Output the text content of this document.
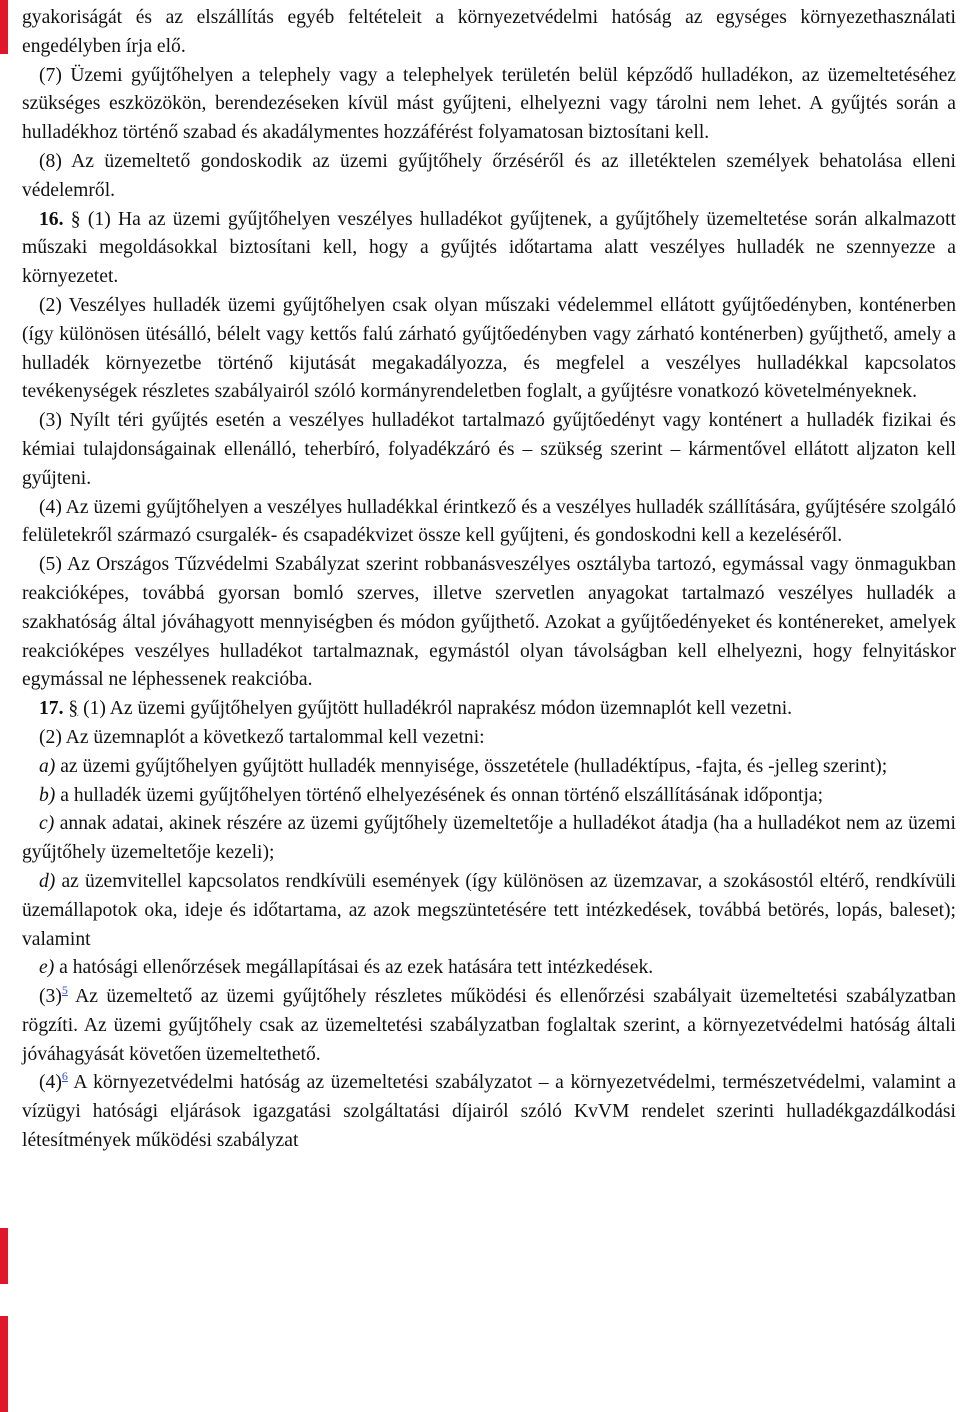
gyakoriságát és az elszállítás egyéb feltételeit a környezetvédelmi hatóság az egységes környezethasználati engedélyben írja elő.

(7) Üzemi gyűjtőhelyen a telephely vagy a telephelyek területén belül képződő hulladékon, az üzemeltetéséhez szükséges eszközökön, berendezéseken kívül mást gyűjteni, elhelyezni vagy tárolni nem lehet. A gyűjtés során a hulladékhoz történő szabad és akadálymentes hozzáférést folyamatosan biztosítani kell.

(8) Az üzemeltető gondoskodik az üzemi gyűjtőhely őrzéséről és az illetéktelen személyek behatolása elleni védelemről.

16. § (1) Ha az üzemi gyűjtőhelyen veszélyes hulladékot gyűjtenek, a gyűjtőhely üzemeltetése során alkalmazott műszaki megoldásokkal biztosítani kell, hogy a gyűjtés időtartama alatt veszélyes hulladék ne szennyezze a környezetet.

(2) Veszélyes hulladék üzemi gyűjtőhelyen csak olyan műszaki védelemmel ellátott gyűjtőedényben, konténerben (így különösen ütésálló, bélelt vagy kettős falú zárható gyűjtőedényben vagy zárható konténerben) gyűjthető, amely a hulladék környezetbe történő kijutását megakadályozza, és megfelel a veszélyes hulladékkal kapcsolatos tevékenységek részletes szabályairól szóló kormányrendeletben foglalt, a gyűjtésre vonatkozó követelményeknek.

(3) Nyílt téri gyűjtés esetén a veszélyes hulladékot tartalmazó gyűjtőedényt vagy konténert a hulladék fizikai és kémiai tulajdonságainak ellenálló, teherbíró, folyadékzáró és – szükség szerint – kármentővel ellátott aljzaton kell gyűjteni.

(4) Az üzemi gyűjtőhelyen a veszélyes hulladékkal érintkező és a veszélyes hulladék szállítására, gyűjtésére szolgáló felületekről származó csurgalék- és csapadékvizet össze kell gyűjteni, és gondoskodni kell a kezeléséről.

(5) Az Országos Tűzvédelmi Szabályzat szerint robbanásveszélyes osztályba tartozó, egymással vagy önmagukban reakcióképes, továbbá gyorsan bomló szerves, illetve szervetlen anyagokat tartalmazó veszélyes hulladék a szakhatóság által jóváhagyott mennyiségben és módon gyűjthető. Azokat a gyűjtőedényeket és konténereket, amelyek reakcióképes veszélyes hulladékot tartalmaznak, egymástól olyan távolságban kell elhelyezni, hogy felnyitáskor egymással ne léphessenek reakcióba.

17. § (1) Az üzemi gyűjtőhelyen gyűjtött hulladékról naprakész módon üzemnaplót kell vezetni.

(2) Az üzemnaplót a következő tartalommal kell vezetni:

a) az üzemi gyűjtőhelyen gyűjtött hulladék mennyisége, összetétele (hulladéktípus, -fajta, és -jelleg szerint);

b) a hulladék üzemi gyűjtőhelyen történő elhelyezésének és onnan történő elszállításának időpontja;

c) annak adatai, akinek részére az üzemi gyűjtőhely üzemeltetője a hulladékot átadja (ha a hulladékot nem az üzemi gyűjtőhely üzemeltetője kezeli);

d) az üzemvitellel kapcsolatos rendkívüli események (így különösen az üzemzavar, a szokásostól eltérő, rendkívüli üzemállapotok oka, ideje és időtartama, az azok megszüntetésére tett intézkedések, továbbá betörés, lopás, baleset); valamint

e) a hatósági ellenőrzések megállapításai és az ezek hatására tett intézkedések.

(3)$^5$ Az üzemeltető az üzemi gyűjtőhely részletes működési és ellenőrzési szabályait üzemeltetési szabályzatban rögzíti. Az üzemi gyűjtőhely csak az üzemeltetési szabályzatban foglaltak szerint, a környezetvédelmi hatóság általi jóváhagyását követően üzemeltethető.

(4)$^6$ A környezetvédelmi hatóság az üzemeltetési szabályzatot – a környezetvédelmi, természetvédelmi, valamint a vízügyi hatósági eljárások igazgatási szolgáltatási díjairól szóló KvVM rendelet szerinti hulladékgazdálkodási létesítmények működési szabályzat
